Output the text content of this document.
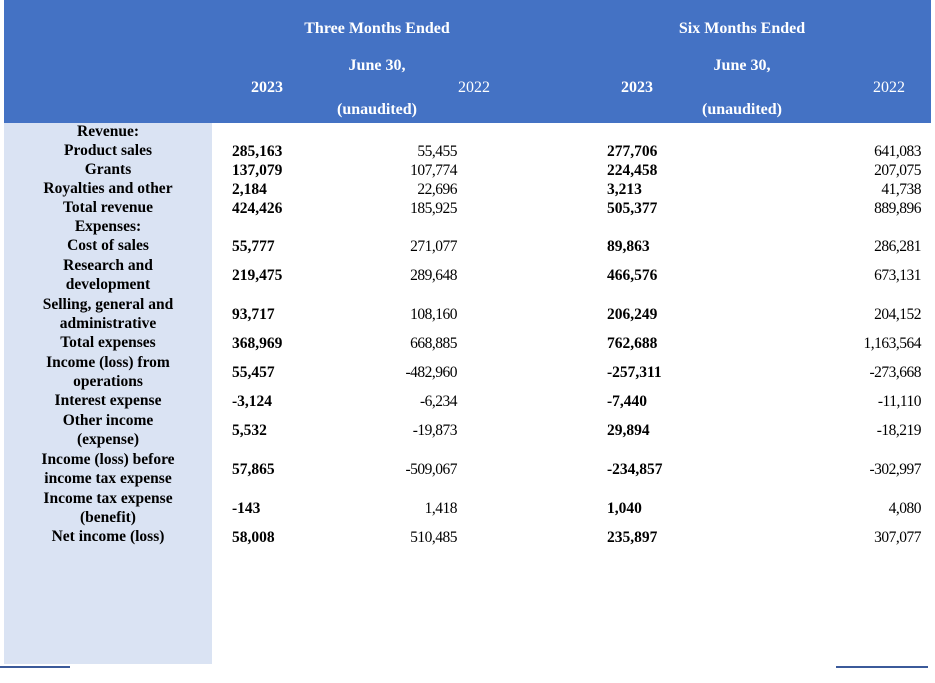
Three Months Ended	Six Months Ended
June 30,	June 30,
2023	2022	2023	2022
(unaudited)	(unaudited)
Revenue:
Product sales	285,163	55,455	277,706	641,083
Grants	137,079	107,774	224,458	207,075
Royalties and other	2,184	22,696	3,213	41,738
Total revenue	424,426	185,925	505,377	889,896
Expenses:
Cost of sales	55,777	271,077	89,863	286,281
Research and
development
219,475	289,648	466,576	673,131
Selling, general and
administrative
93,717	108,160	206,249	204,152
Total expenses	368,969	668,885	762,688	1,163,564
Income (loss) from
operations
55,457	-482,960	-257,311	-273,668
Interest expense	-3,124	-6,234	-7,440	-11,110
Other income
(expense)
5,532	-19,873	29,894	-18,219
Income (loss) before
income tax expense
57,865	-509,067	-234,857	-302,997
Income tax expense
(benefit)
-143	1,418	1,040	4,080
Net income (loss)	58,008	510,485	235,897	307,077
